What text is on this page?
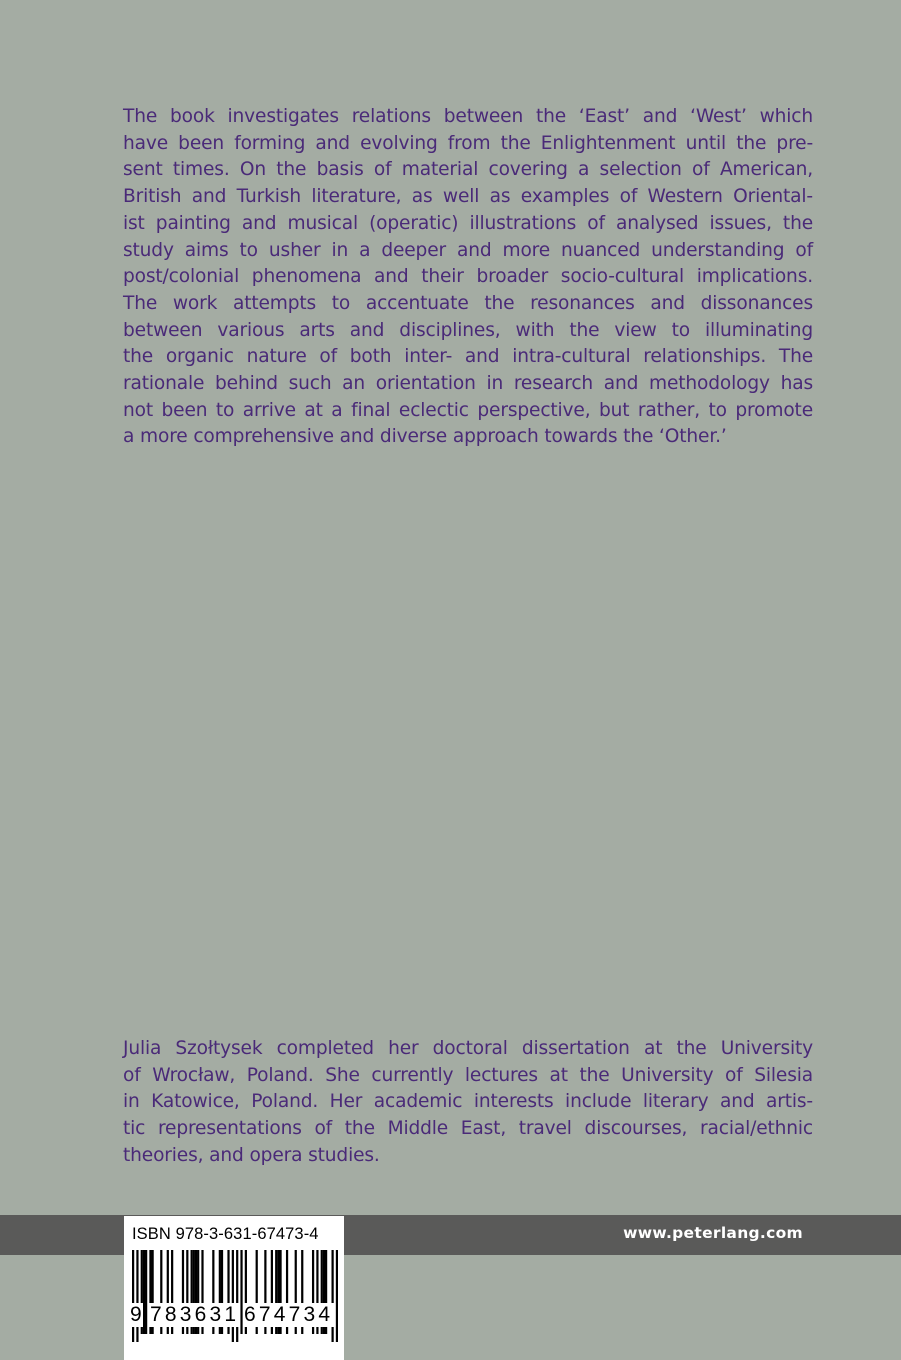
The book investigates relations between the ‘East’ and ‘West’ which
have been forming and evolving from the Enlightenment until the pre-
sent times. On the basis of material covering a selection of American,
British and Turkish literature, as well as examples of Western Oriental-
ist painting and musical (operatic) illustrations of analysed issues, the
study aims to usher in a deeper and more nuanced understanding of
post/colonial phenomena and their broader socio-cultural implications.
The work attempts to accentuate the resonances and dissonances
between various arts and disciplines, with the view to illuminating
the organic nature of both inter- and intra-cultural relationships. The
rationale behind such an orientation in research and methodology has
not been to arrive at a final eclectic perspective, but rather, to promote
a more comprehensive and diverse approach towards the ‘Other.’
Julia Szołtysek completed her doctoral dissertation at the University
of Wrocław, Poland. She currently lectures at the University of Silesia
in Katowice, Poland. Her academic interests include literary and artis-
tic representations of the Middle East, travel discourses, racial/ethnic
theories, and opera studies.
www.peterlang.com
ISBN 978-3-631-67473-4
9 783631 674734
